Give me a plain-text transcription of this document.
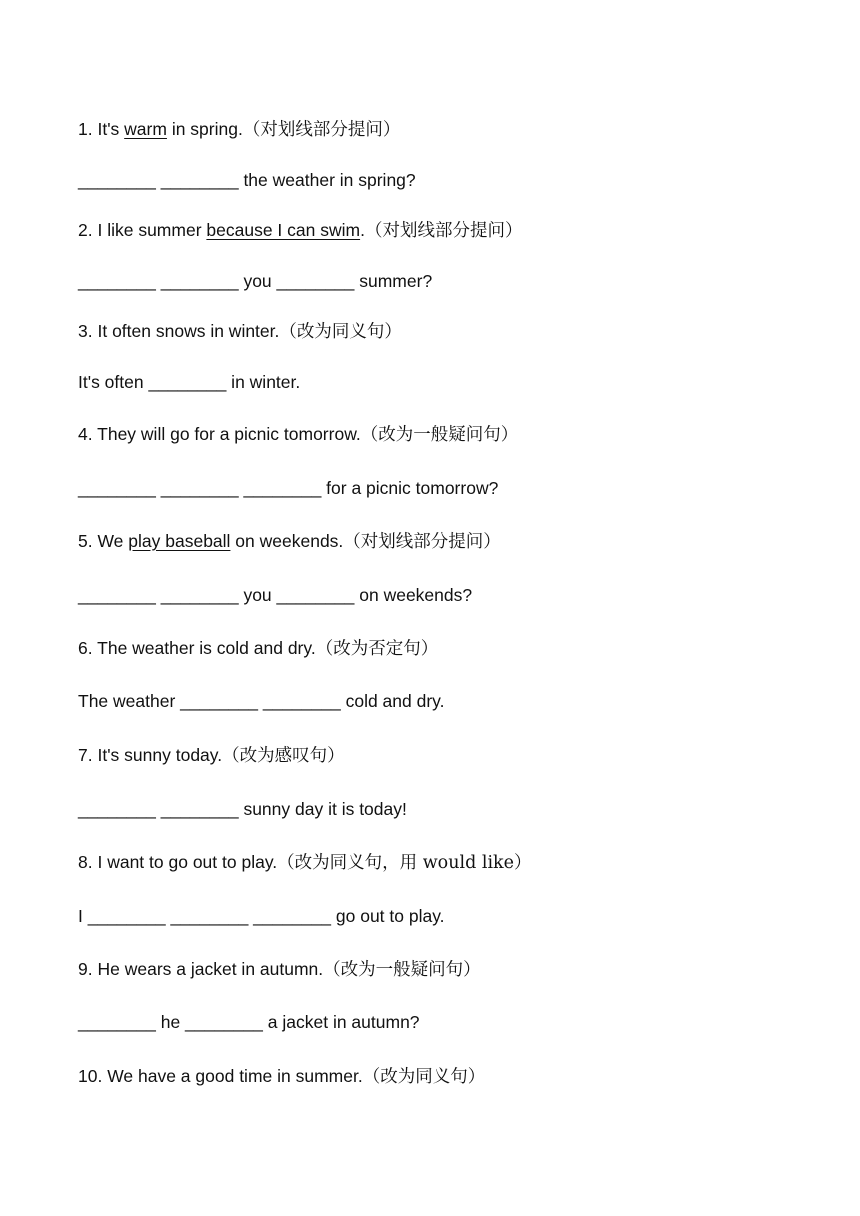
1. It's warm in spring.（对划线部分提问）
________ ________ the weather in spring?
2. I like summer because I can swim.（对划线部分提问）
________ ________ you ________ summer?
3. It often snows in winter.（改为同义句）
It's often ________ in winter.
4. They will go for a picnic tomorrow.（改为一般疑问句）
________ ________ ________ for a picnic tomorrow?
5. We play baseball on weekends.（对划线部分提问）
________ ________ you ________ on weekends?
6. The weather is cold and dry.（改为否定句）
The weather ________ ________ cold and dry.
7. It's sunny today.（改为感叹句）
________ ________ sunny day it is today!
8. I want to go out to play.（改为同义句，用 would like）
I ________ ________ ________ go out to play.
9. He wears a jacket in autumn.（改为一般疑问句）
________ he ________ a jacket in autumn?
10. We have a good time in summer.（改为同义句）
